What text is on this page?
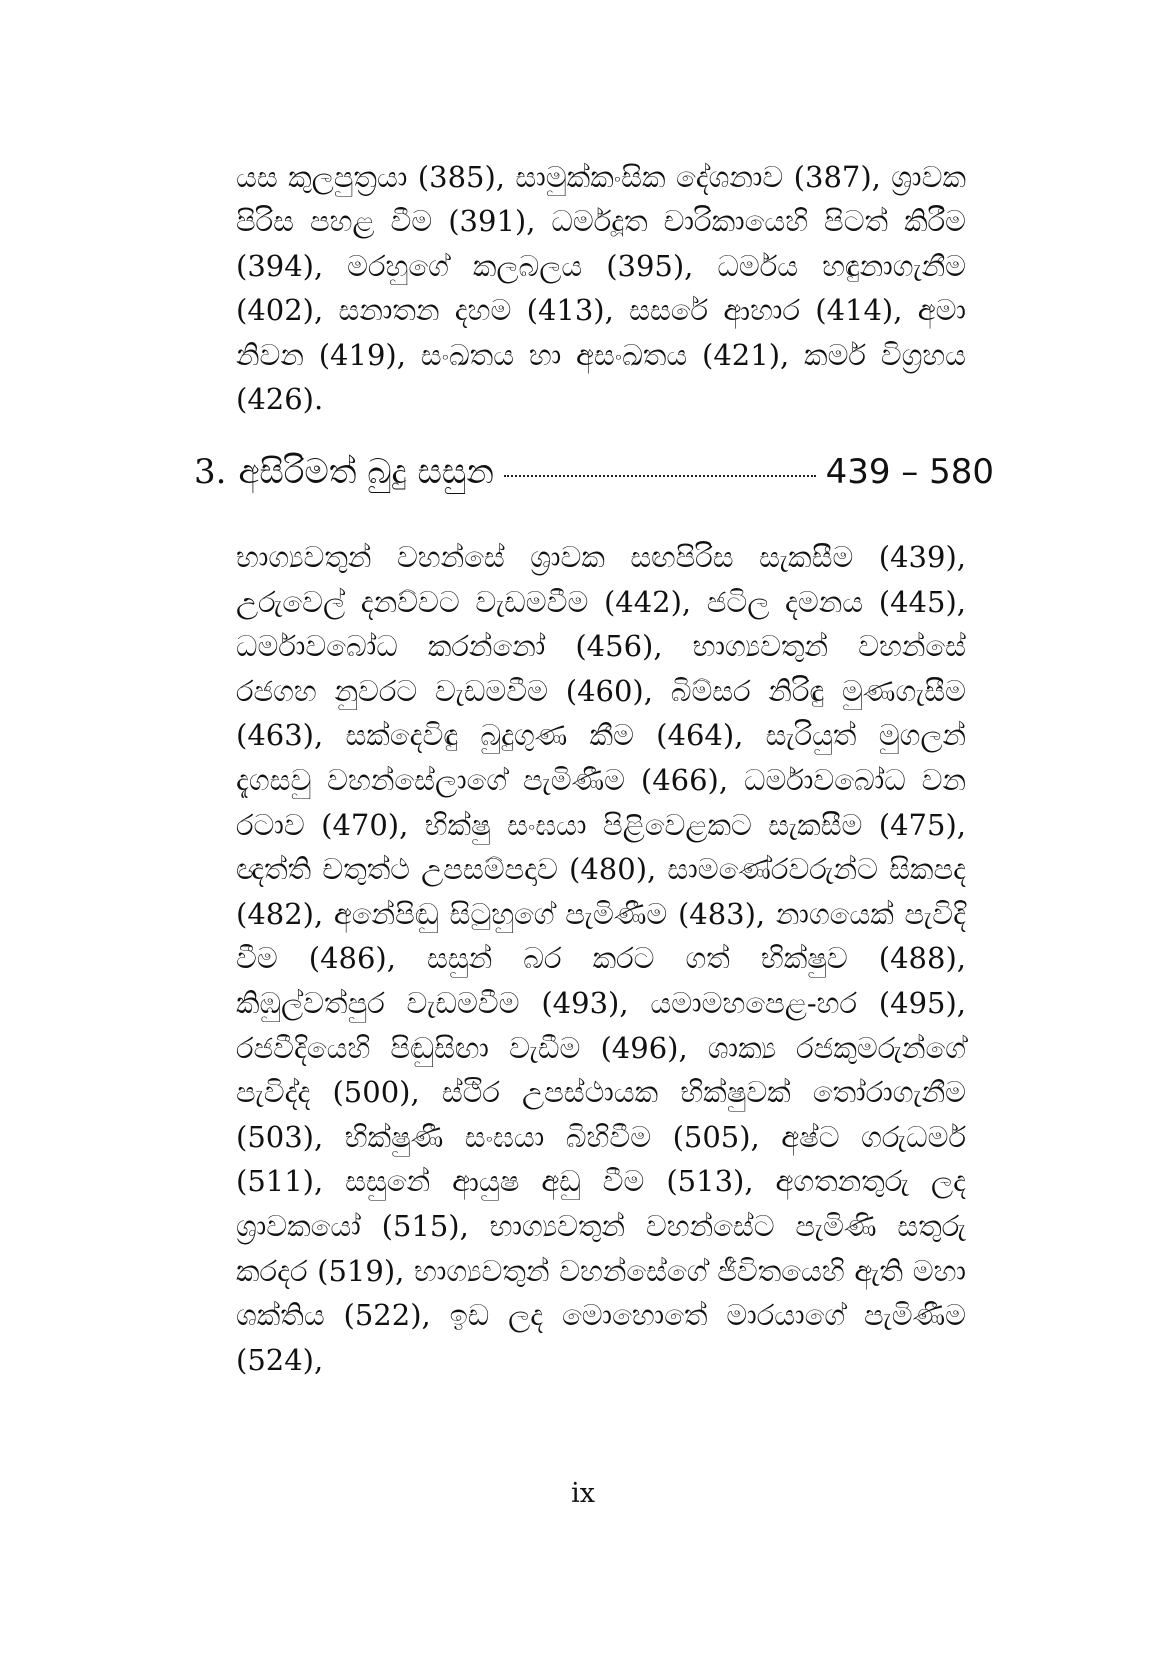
යස කුලපුත්‍රයා (385), සාමුක්කංසික දේශනාව (387), ශ්‍රාවක පිරිස පහළ වීම (391), ධර්මදූත චාරිකායෙහි පිටත් කිරීම (394), මරහුගේ කලබලය (395), ධර්මය හඳුනාගැනීම (402), සනාතන දහම (413), සසරේ ආහාර (414), අමා නිවන (419), සංඛතය හා අසංඛතය (421), කර්ම විග්‍රහය (426).

3. අසිරිමත් බුදු සසුන	439 – 580

භාග්‍යවතුන් වහන්සේ ශ්‍රාවක සඟපිරිස සැකසීම (439), උරුවෙල් දනව්වට වැඩමවීම (442), ජටිල දමනය (445), ධර්මාවබෝධ කරන්නෝ (456), භාග්‍යවතුන් වහන්සේ රජගහ නුවරට වැඩමවීම (460), බිම්සර නිරිඳු මුණගැසීම (463), සක්දෙවිඳු බුදුගුණ කීම (464), සැරියුත් මුගලන් දැගසවු වහන්සේලාගේ පැමිණීම (466), ධර්මාවබෝධ වන රටාව (470), භික්ෂු සංඝයා පිළිවෙළකට සැකසීම (475), ඥත්ති චතුත්ථ උපසම්පදාව (480), සාමණේරවරුන්ට සිකපද (482), අනේපිඬු සිටුහුගේ පැමිණීම (483), නාගයෙක් පැවිදි වීම (486), සසුන් බර කරට ගත් භික්ෂුව (488), කිඹුල්වත්පුර වැඩමවීම (493), යමාමහපෙළ-හර (495), රජවීදියෙහි පිඬුසිඟා වැඩීම (496), ශාක්‍ය රජකුමරුන්ගේ පැවිද්ද (500), ස්ථිර උපස්ථායක භික්ෂුවක් තෝරාගැනීම (503), භික්ෂුණී සංඝයා බිහිවීම (505), අෂ්ට ගරුධර්ම (511), සසුනේ ආයුෂ අඩු වීම (513), අගතනතුරු ලද ශ්‍රාවකයෝ (515), භාග්‍යවතුන් වහන්සේට පැමිණි සතුරු කරදර (519), භාග්‍යවතුන් වහන්සේගේ ජීවිතයෙහි ඇති මහා ශක්තිය (522), ඉඩ ලද මොහොතේ මාරයාගේ පැමිණීම (524),

ix
